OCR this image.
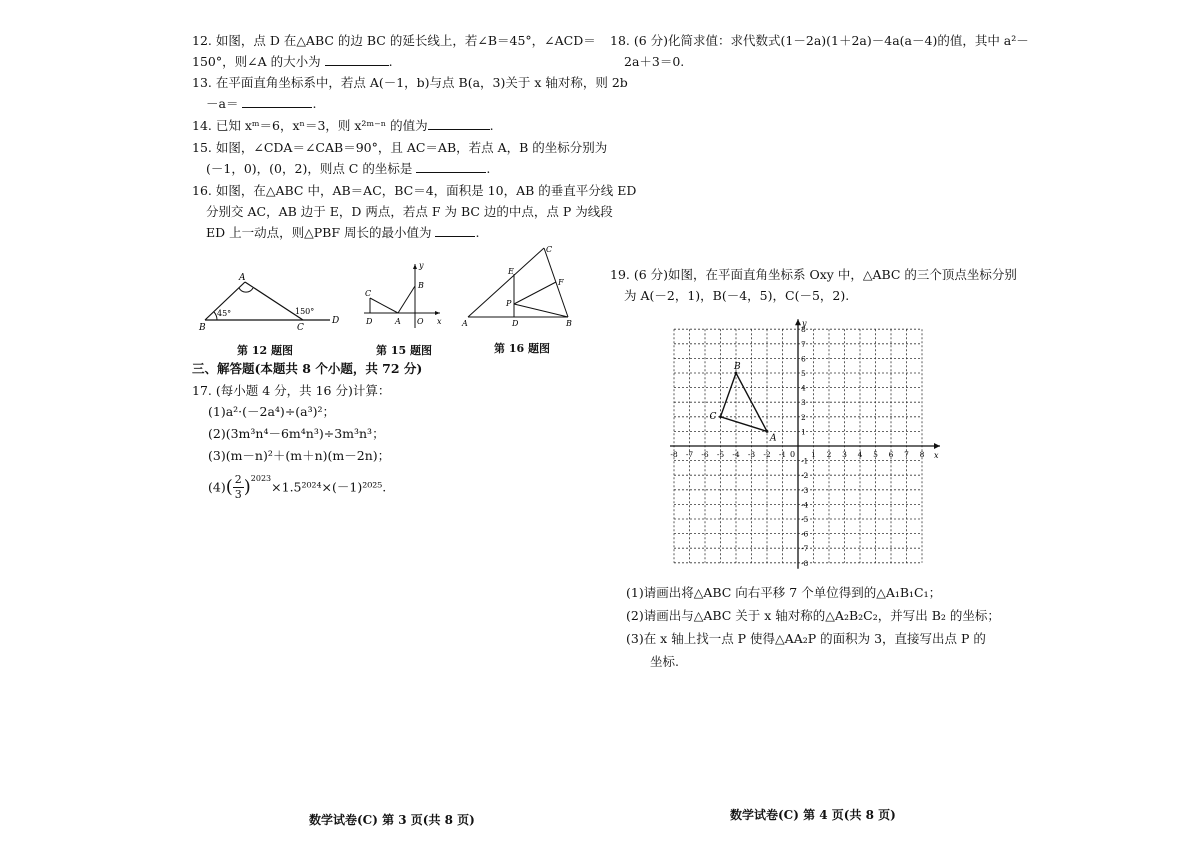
12. 如图，点 D 在△ABC 的边 BC 的延长线上，若∠B＝45°，∠ACD＝
150°，则∠A 的大小为	.
13. 在平面直角坐标系中，若点 A(－1，b)与点 B(a，3)关于 x 轴对称，则 2b
－a＝	.
14. 已知 xᵐ＝6，xⁿ＝3，则 x²ᵐ⁻ⁿ 的值为	.
15. 如图，∠CDA＝∠CAB＝90°，且 AC＝AB，若点 A，B 的坐标分别为
(－1，0)，(0，2)，则点 C 的坐标是	.
16. 如图，在△ABC 中，AB＝AC，BC＝4，面积是 10，AB 的垂直平分线 ED
分别交 AC，AB 边于 E，D 两点，若点 F 为 BC 边的中点，点 P 为线段
ED 上一动点，则△PBF 周长的最小值为	.
A
B	C
D
45°	150°
y
x
B
C
D	A O
C
E
F
P
A	D	B
第 12 题图	第 15 题图	第 16 题图
三、解答题(本题共 8 个小题，共 72 分)
17. (每小题 4 分，共 16 分)计算：
(1)a²·(－2a⁴)÷(a³)²；
(2)(3m³n⁴－6m⁴n³)÷3m³n³；
(3)(m－n)²＋(m＋n)(m－2n)；
$(4)( \frac{2}{3} )^{2023}\times 1.5^{2024}\times(-1)^{2025}$.
数学试卷(C) 第 3 页(共 8 页)
18. (6 分)化简求值：求代数式(1－2a)(1＋2a)－4a(a－4)的值，其中 a²－
2a＋3＝0.
19. (6 分)如图，在平面直角坐标系 Oxy 中，△ABC 的三个顶点坐标分别
为 A(－2，1)，B(－4，5)，C(－5，2).
x
y
0
-8 -7 -6 -5 -4 -3 -2 -1	1 2 3 4 5 6 7 8
-8
-7
-6
-5
-4
-3
-2
-1
1
2
3
4
5
6
7
8
A
B
C
(1)请画出将△ABC 向右平移 7 个单位得到的△A₁B₁C₁；
(2)请画出与△ABC 关于 x 轴对称的△A₂B₂C₂，并写出 B₂ 的坐标；
(3)在 x 轴上找一点 P 使得△AA₂P 的面积为 3，直接写出点 P 的
坐标.
数学试卷(C) 第 4 页(共 8 页)
